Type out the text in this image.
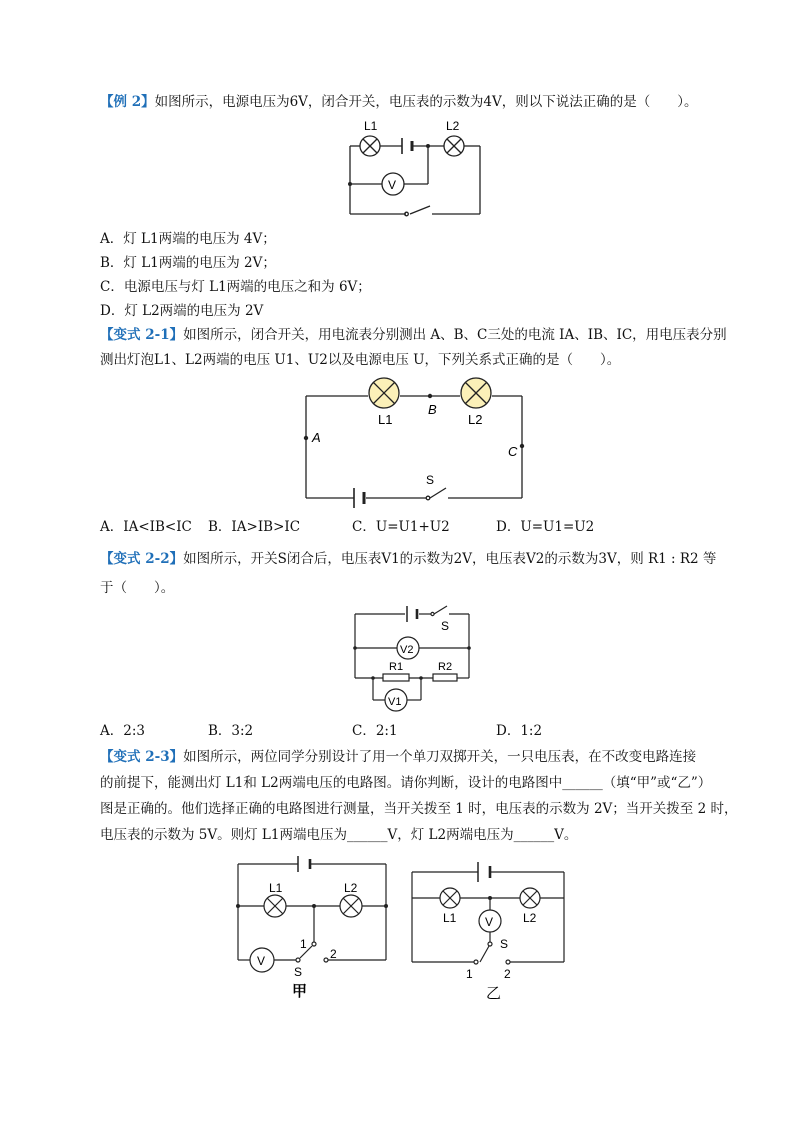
【例 2】如图所示，电源电压为6V，闭合开关，电压表的示数为4V，则以下说法正确的是（　　）。
L1	L2
V
A．灯 L1两端的电压为 4V；
B．灯 L1两端的电压为 2V；
C．电源电压与灯 L1两端的电压之和为 6V；
D．灯 L2两端的电压为 2V
【变式 2-1】如图所示，闭合开关，用电流表分别测出 A、B、C三处的电流 IA、IB、IC，用电压表分别
测出灯泡L1、L2两端的电压 U1、U2以及电源电压 U，下列关系式正确的是（　　）。
L1	L2
B
A
C
S
A．IA<IB<IC B．IA>IB>IC	C．U=U1+U2	D．U=U1=U2
【变式 2-2】如图所示，开关S闭合后，电压表V1的示数为2V，电压表V2的示数为3V，则 R1 : R2 等
于（　　）。
S
V2
R1	R2
V1
A．2:3	B．3:2	C．2:1	D．1:2
【变式 2-3】如图所示，两位同学分别设计了用一个单刀双掷开关，一只电压表，在不改变电路连接
的前提下，能测出灯 L1和 L2两端电压的电路图。请你判断，设计的电路图中______（填“甲”或“乙”）
图是正确的。他们选择正确的电路图进行测量，当开关拨至 1 时，电压表的示数为 2V；当开关拨至 2 时，
电压表的示数为 5V。则灯 L1两端电压为______V，灯 L2两端电压为______V。
L1	L2
V
1
2
S
甲
L1	L2
V
S
1	2
乙
